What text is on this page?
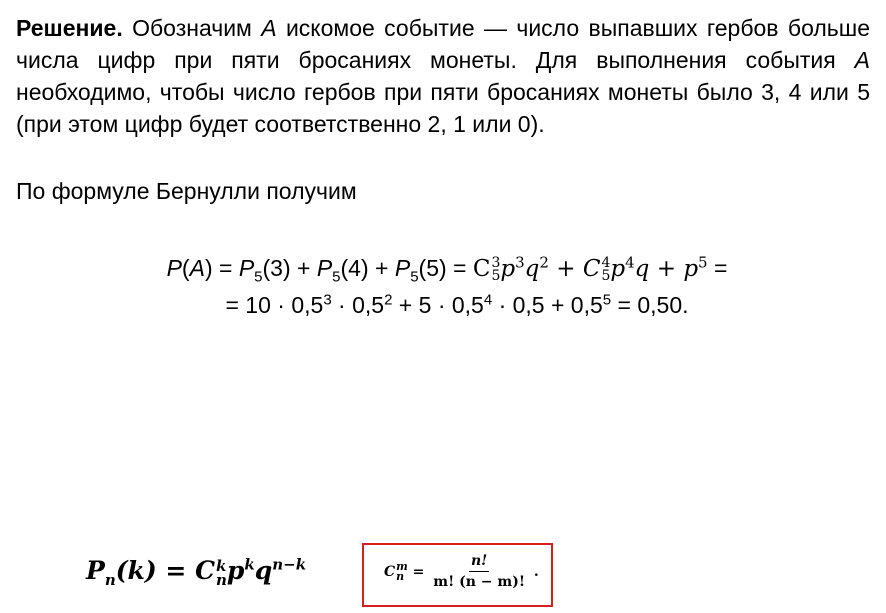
Решение. Обозначим A искомое событие — число выпавших гербов больше числа цифр при пяти бросаниях монеты. Для выполнения события A необходимо, чтобы число гербов при пяти бросаниях монеты было 3, 4 или 5 (при этом цифр будет соответственно 2, 1 или 0).
По формуле Бернулли получим
$P(A) = P_5(3) + P_5(4) + P_5(5) = C$ 3
5 $p^3q^2 + C$ 4
5 $p^4q + p^5$ =
= $10 \cdot 0,5^3 \cdot 0,5^2 + 5 \cdot 0,5^4 \cdot 0,5 + 0,5^5 = 0,50$.
$P_n(k) = C$ k
n $p^kq^{n-k}$	C m
$n = \frac{n!}{m! (n - m)!}$ .
